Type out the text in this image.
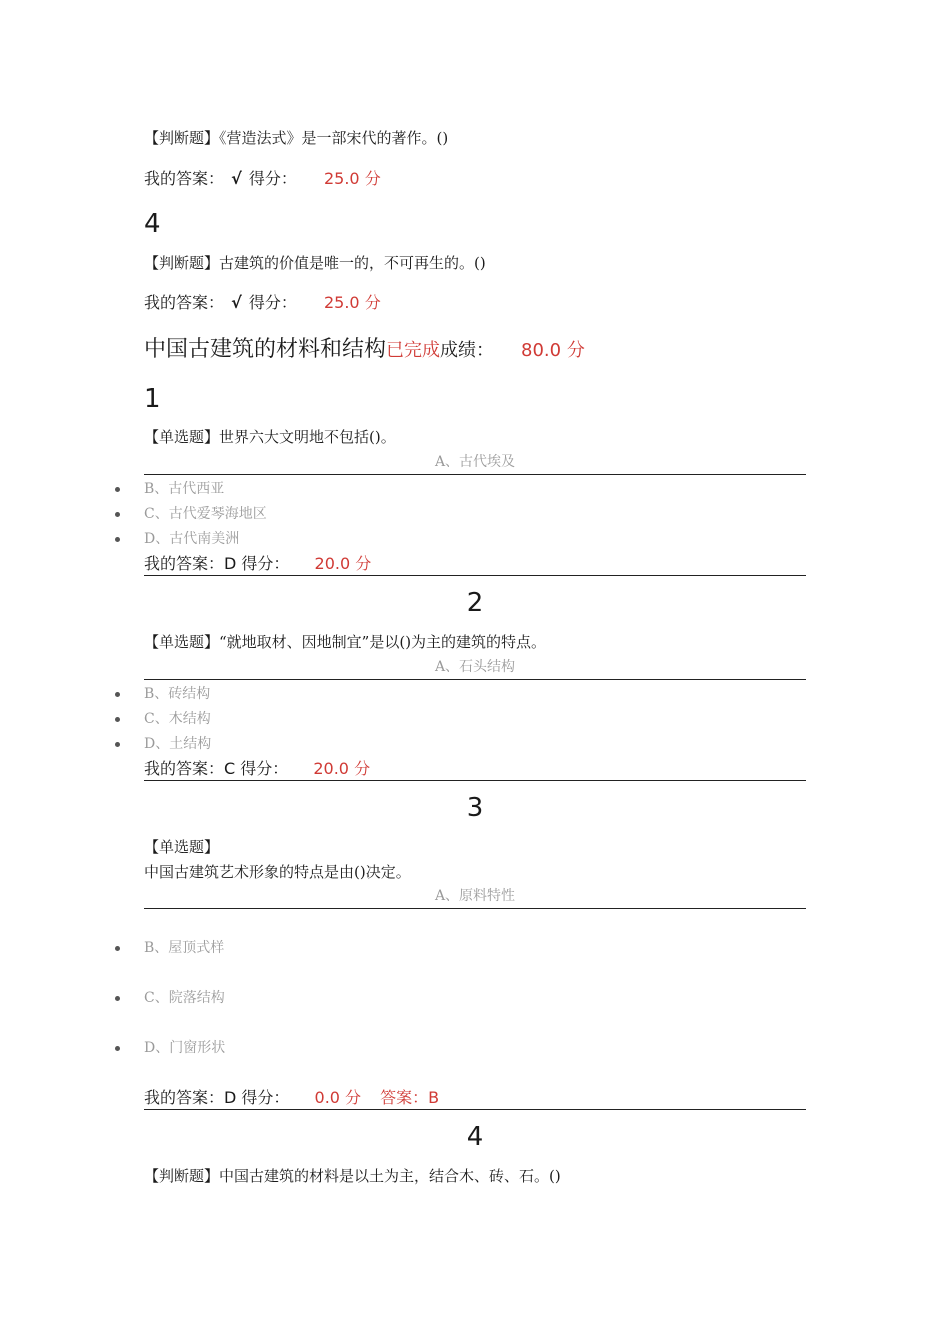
【判断题】《营造法式》是一部宋代的著作。()
我的答案： √ 得分： 25.0 分
4
【判断题】古建筑的价值是唯一的，不可再生的。()
我的答案： √ 得分： 25.0 分
中国古建筑的材料和结构已完成成绩： 80.0 分
1
【单选题】世界六大文明地不包括()。
A、古代埃及
B、古代西亚
C、古代爱琴海地区
D、古代南美洲
我的答案：D 得分： 20.0 分
2
【单选题】“就地取材、因地制宜”是以()为主的建筑的特点。
A、石头结构
B、砖结构
C、木结构
D、土结构
我的答案：C 得分： 20.0 分
3
【单选题】
中国古建筑艺术形象的特点是由()决定。
A、原料特性
B、屋顶式样
C、院落结构
D、门窗形状
我的答案：D 得分： 0.0 分 答案：B
4
【判断题】中国古建筑的材料是以土为主，结合木、砖、石。()
